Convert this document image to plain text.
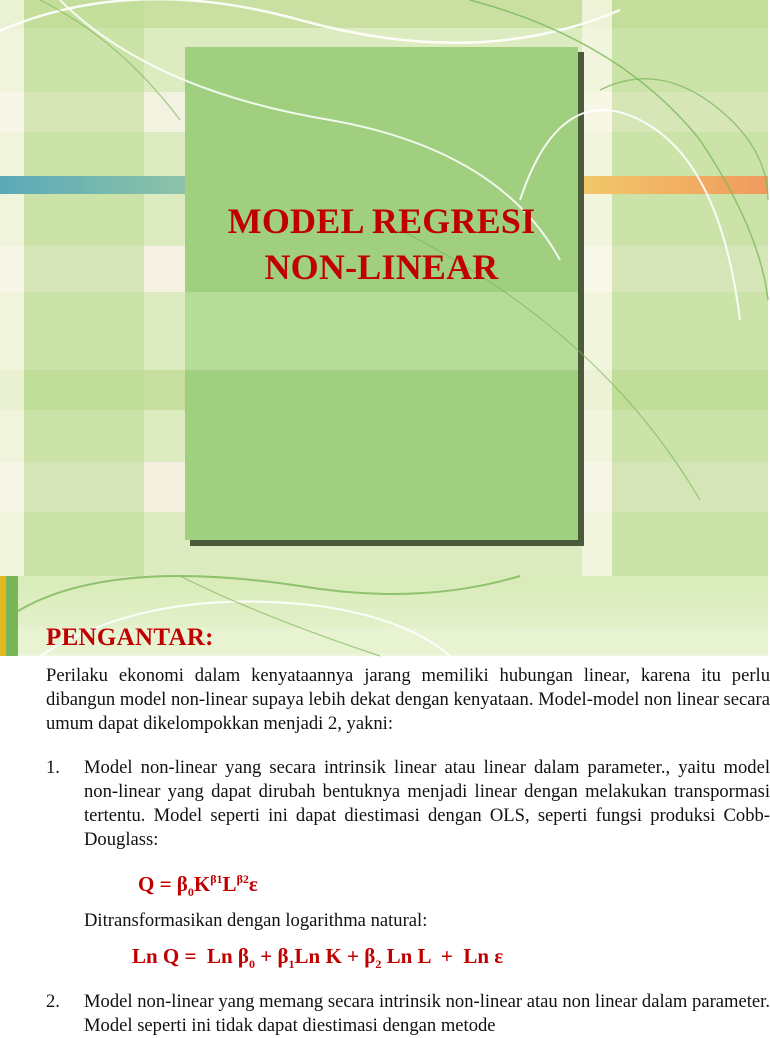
MODEL REGRESI
NON-LINEAR
PENGANTAR:
Perilaku ekonomi dalam kenyataannya jarang memiliki hubungan linear, karena itu perlu dibangun model non-linear supaya lebih dekat dengan kenyataan. Model-model non linear secara umum dapat dikelompokkan menjadi 2, yakni:
1.	Model non-linear yang secara intrinsik linear atau linear dalam parameter., yaitu model non-linear yang dapat dirubah bentuknya menjadi linear dengan melakukan transpormasi tertentu. Model seperti ini dapat diestimasi dengan OLS, seperti fungsi produksi Cobb-Douglass:
$Q = \beta_0K^{\beta 1}L^{\beta 2}\varepsilon$
Ditransformasikan dengan logarithma natural:
Ln Q =  Ln $\beta_0 + \beta_1Ln$ $K + \beta_2$ Ln L  +  Ln ε
2.	Model non-linear yang memang secara intrinsik non-linear atau non linear dalam parameter. Model seperti ini tidak dapat diestimasi dengan metode
